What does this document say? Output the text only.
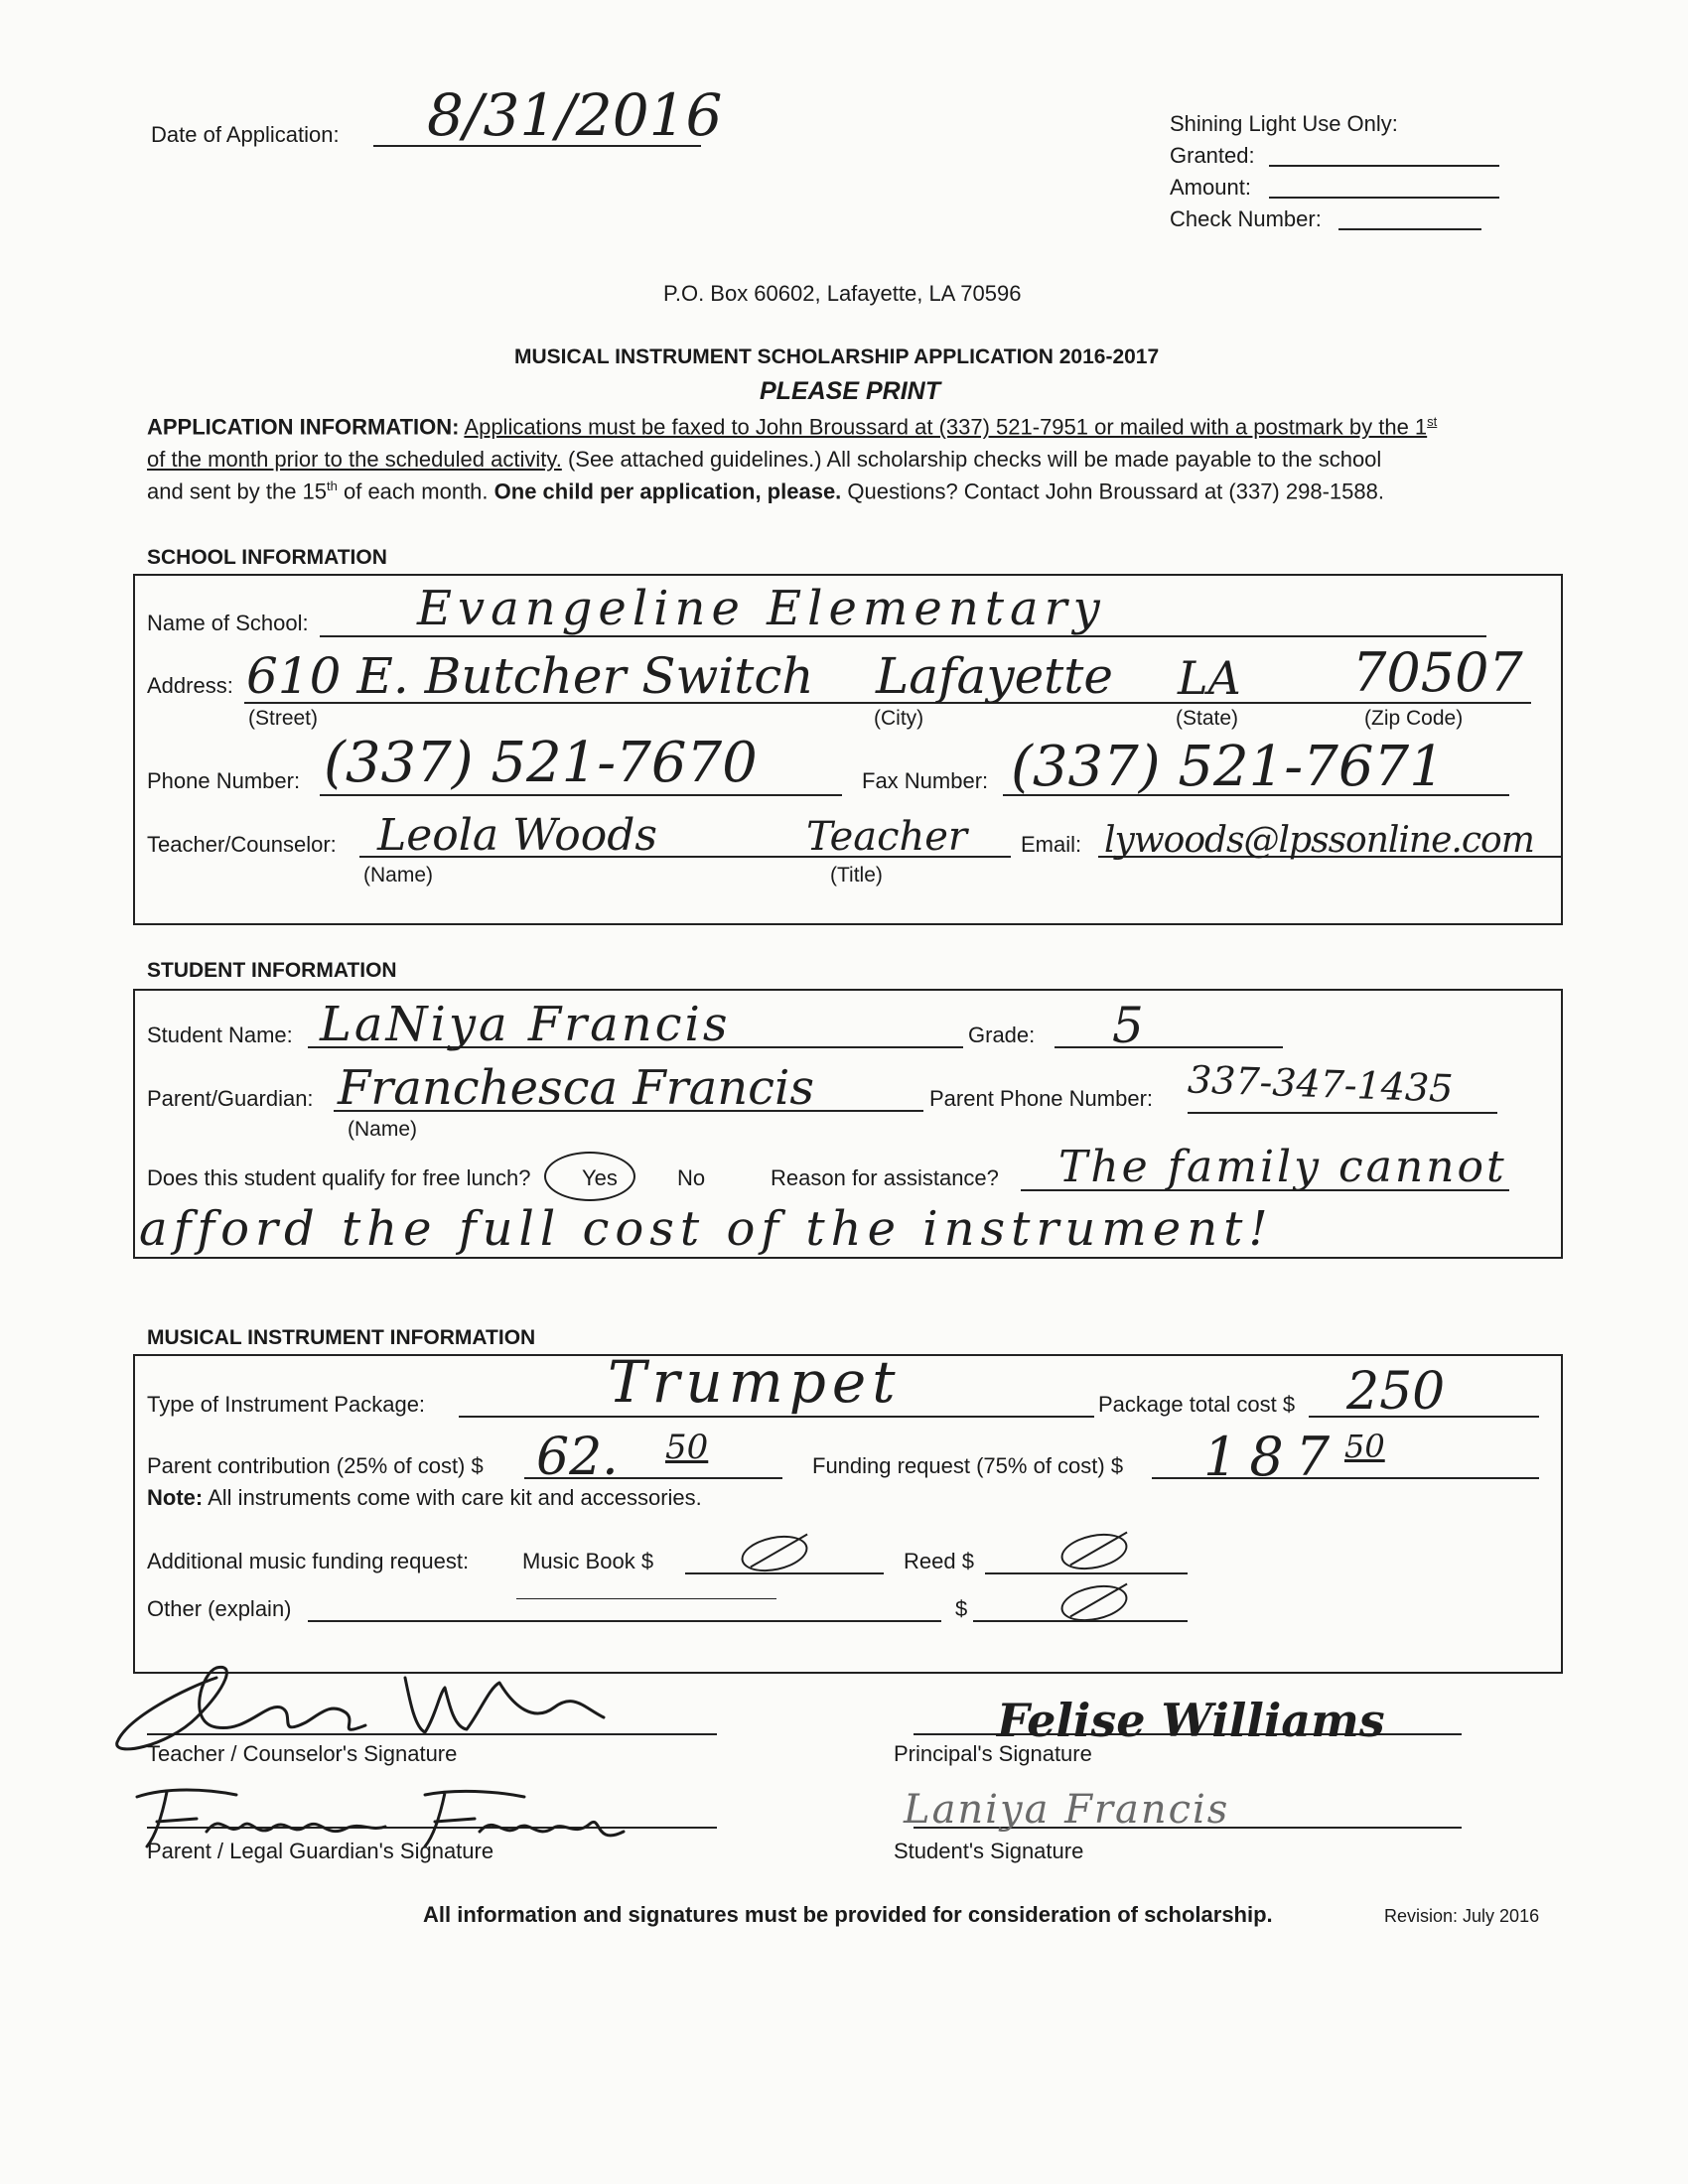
Date of Application: 8/31/2016	Shining Light Use Only:
Granted:
Amount:
Check Number:
P.O. Box 60602, Lafayette, LA 70596
MUSICAL INSTRUMENT SCHOLARSHIP APPLICATION 2016-2017
PLEASE PRINT
APPLICATION INFORMATION: Applications must be faxed to John Broussard at (337) 521-7951 or mailed with a postmark by the 1st
of the month prior to the scheduled activity. (See attached guidelines.) All scholarship checks will be made payable to the school
and sent by the 15th of each month. One child per application, please. Questions? Contact John Broussard at (337) 298-1588.
SCHOOL INFORMATION
Name of School: Evangeline Elementary
Address: 610 E. Butcher Switch Lafayette LA 70507
(Street)	(City)	(State)	(Zip Code)
Phone Number: (337) 521-7670	Fax Number: (337) 521-7671
Teacher/Counselor: Leola Woods	Teacher
(Name)	(Title)
Email: lywoods@lpssonline.com
STUDENT INFORMATION
Student Name: LaNiya Francis	Grade: 5
Parent/Guardian: Franchesca Francis
(Name)
Parent Phone Number: 337-347-1435
Does this student qualify for free lunch? Yes	No	Reason for assistance? The family cannot
afford the full cost of the instrument!
MUSICAL INSTRUMENT INFORMATION
Type of Instrument Package:	Trumpet	Package total cost $ 250
Parent contribution (25% of cost) $ 62. 50	Funding request (75% of cost) $ 187 50
Note: All instruments come with care kit and accessories.
Additional music funding request: Music Book $	Reed $
Other (explain)	$
Teacher / Counselor's Signature
Felise Williams
Principal's Signature
Parent / Legal Guardian's Signature
Laniya Francis
Student's Signature
All information and signatures must be provided for consideration of scholarship.	Revision: July 2016
